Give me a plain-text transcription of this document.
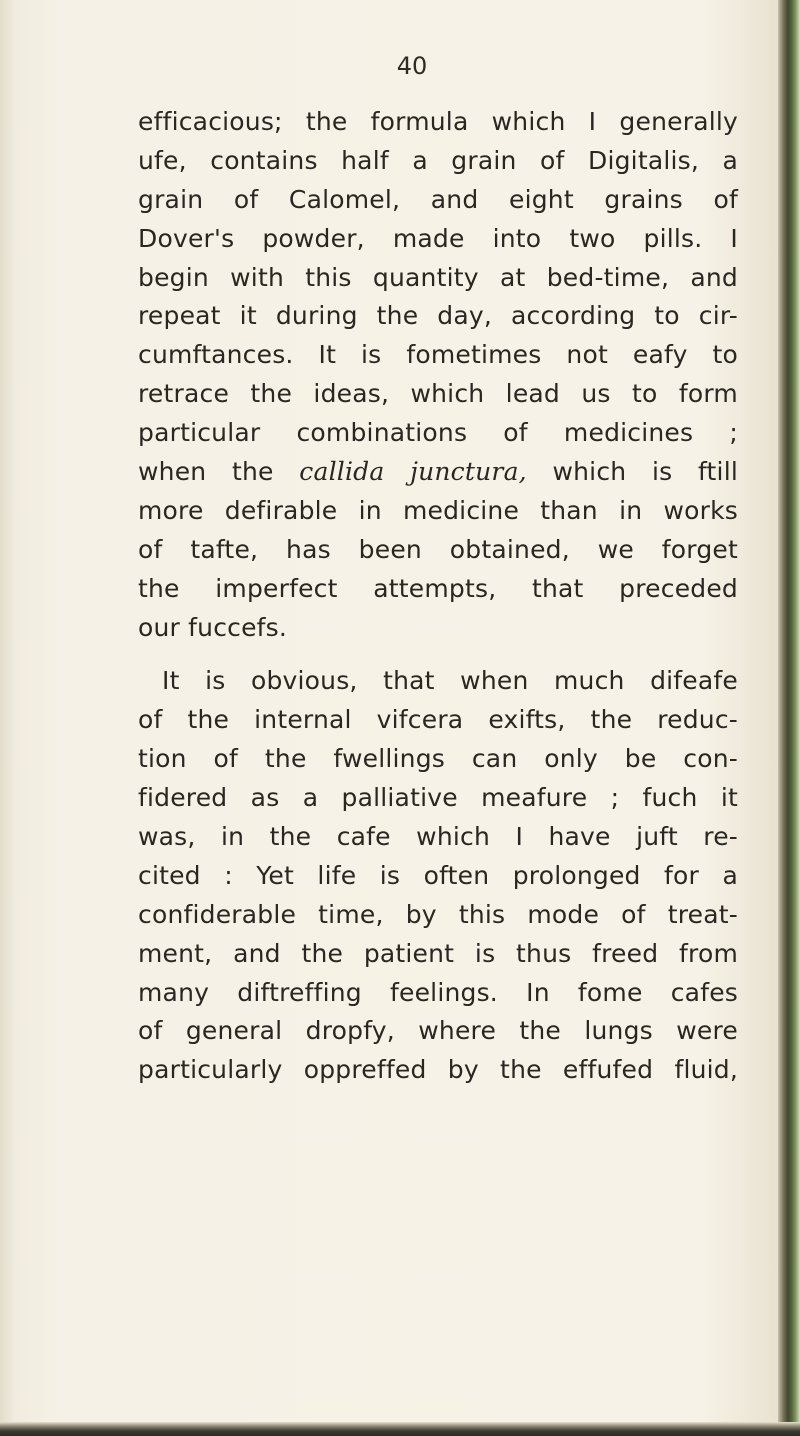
40
efficacious; the formula which I generally
ufe, contains half a grain of Digitalis, a
grain of Calomel, and eight grains of
Dover's powder, made into two pills. I
begin with this quantity at bed-time, and
repeat it during the day, according to cir-
cumftances. It is fometimes not eafy to
retrace the ideas, which lead us to form
particular combinations of medicines ;
when the callida junctura, which is ftill
more defirable in medicine than in works
of tafte, has been obtained, we forget
the imperfect attempts, that preceded
our fuccefs.
It is obvious, that when much difeafe
of the internal vifcera exifts, the reduc-
tion of the fwellings can only be con-
fidered as a palliative meafure ; fuch it
was, in the cafe which I have juft re-
cited : Yet life is often prolonged for a
confiderable time, by this mode of treat-
ment, and the patient is thus freed from
many diftreffing feelings. In fome cafes
of general dropfy, where the lungs were
particularly oppreffed by the effufed fluid,
